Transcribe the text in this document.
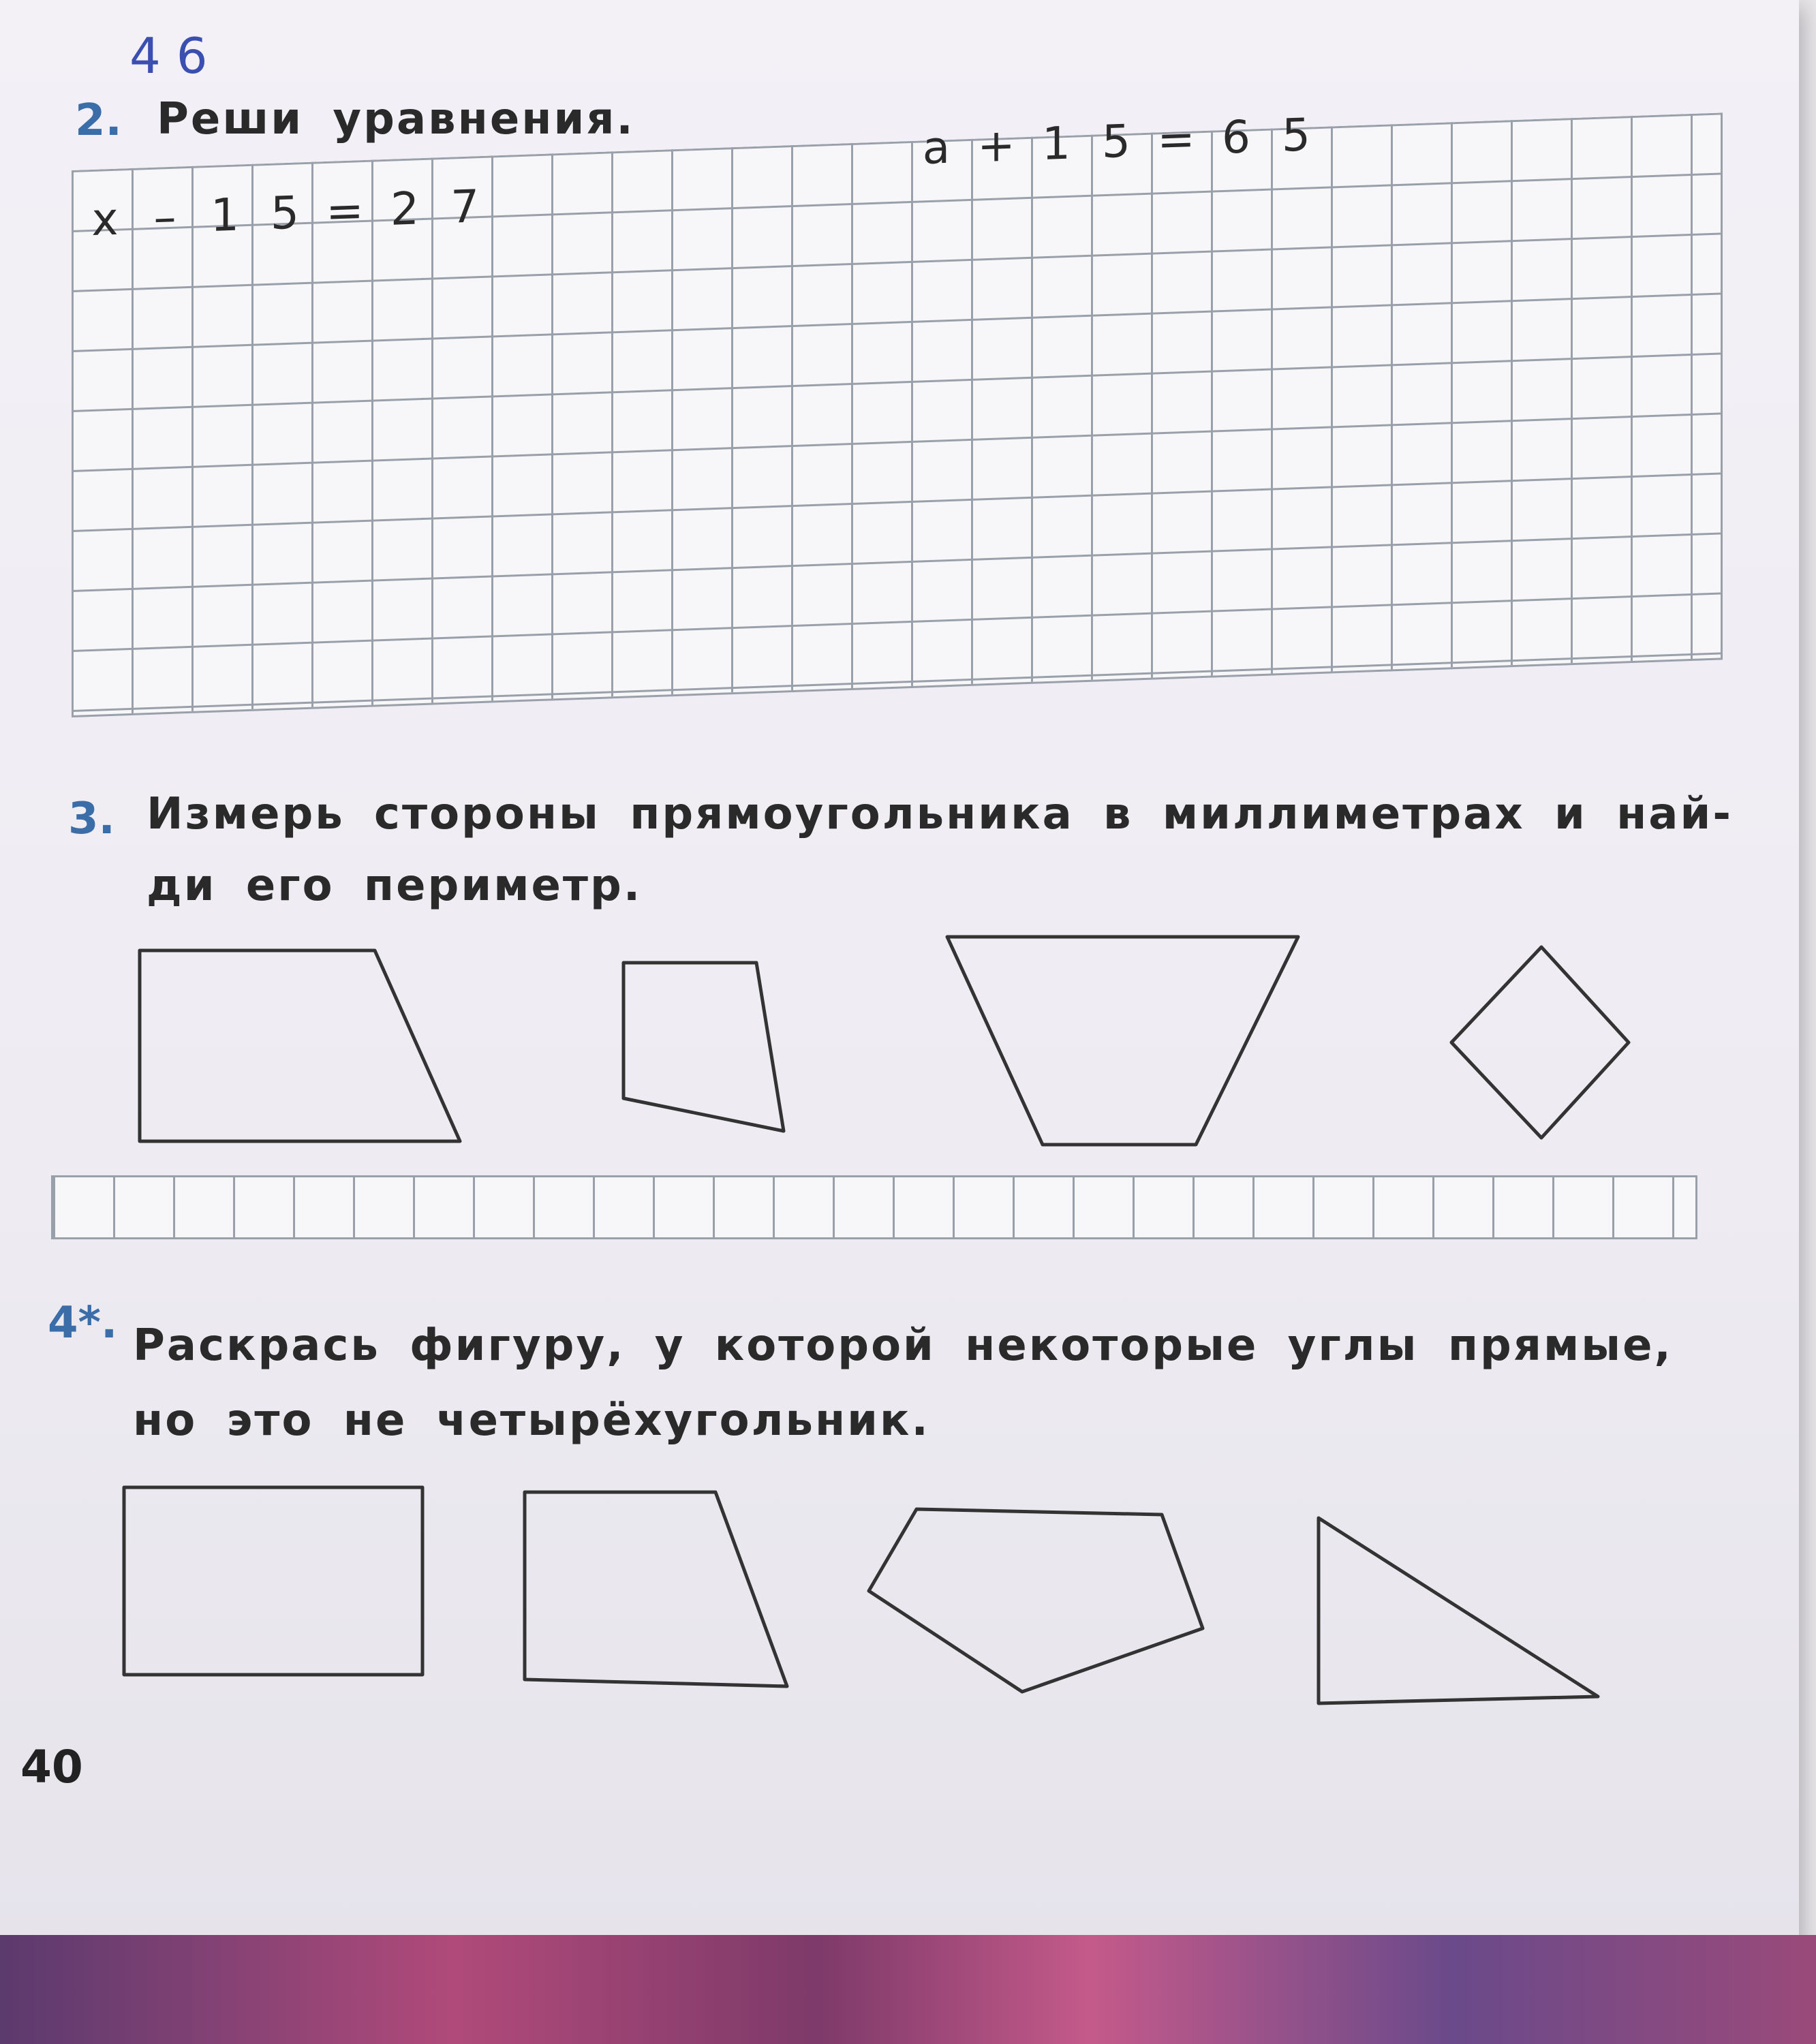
4 6
2. Реши уравнения.
x – 1 5 = 2 7
a + 1 5 = 6 5
3. Измерь стороны прямоугольника в миллиметрах и най-
ди его периметр.
4*. Раскрась фигуру, у которой некоторые углы прямые,
но это не четырёхугольник.
40
